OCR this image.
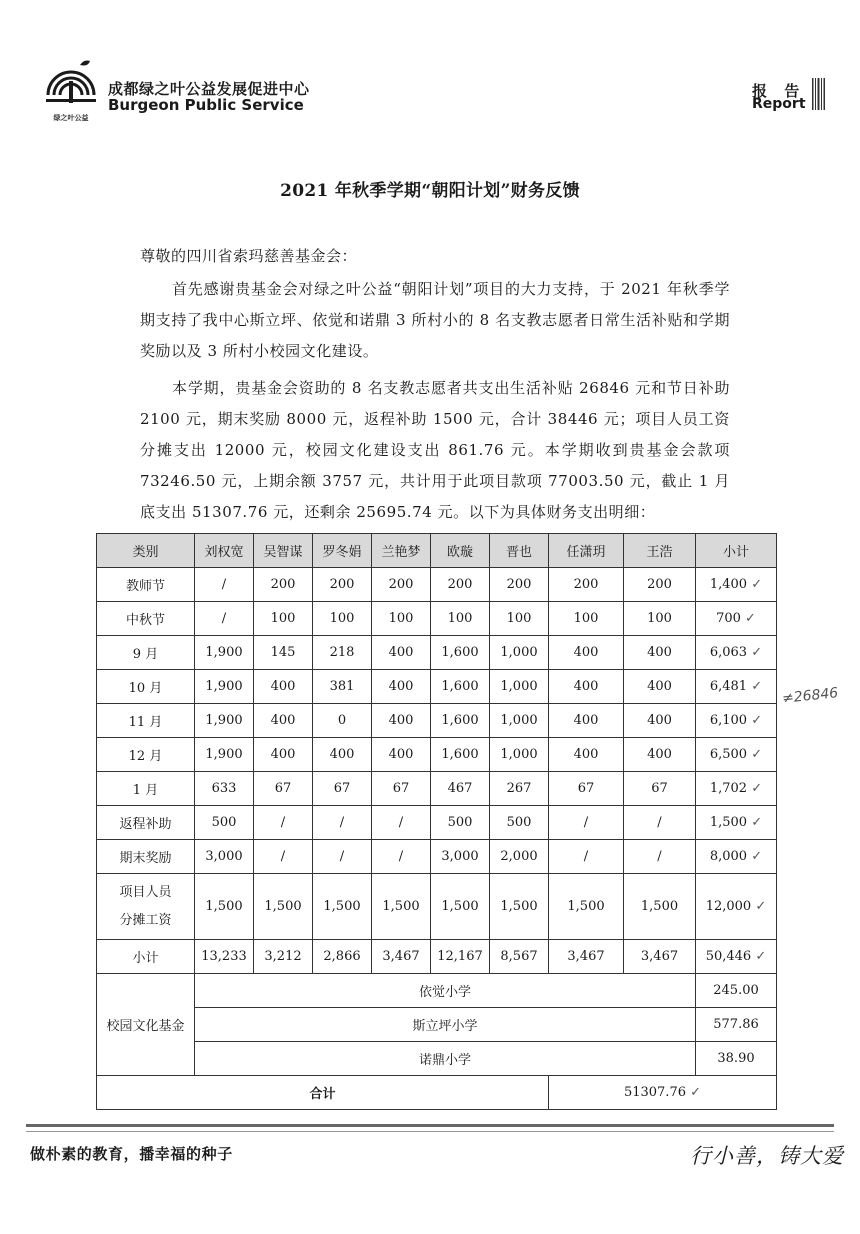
绿之叶公益
成都绿之叶公益发展促进中心
Burgeon Public Service
报 告
Report
2021 年秋季学期“朝阳计划”财务反馈
尊敬的四川省索玛慈善基金会：
首先感谢贵基金会对绿之叶公益“朝阳计划”项目的大力支持，于 2021 年秋季学期支持了我中心斯立坪、依觉和诺鼎 3 所村小的 8 名支教志愿者日常生活补贴和学期奖励以及 3 所村小校园文化建设。
本学期，贵基金会资助的 8 名支教志愿者共支出生活补贴 26846 元和节日补助 2100 元，期末奖励 8000 元，返程补助 1500 元，合计 38446 元；项目人员工资分摊支出 12000 元，校园文化建设支出 861.76 元。本学期收到贵基金会款项 73246.50 元，上期余额 3757 元，共计用于此项目款项 77003.50 元，截止 1 月底支出 51307.76 元，还剩余 25695.74 元。以下为具体财务支出明细：
类别	刘权宽	吴智谋	罗冬娟	兰艳梦	欧璇	晋也	任潇玥	王浩	小计
教师节	/	200	200	200	200	200	200	200	1,400 ✓
中秋节	/	100	100	100	100	100	100	100	700 ✓
9 月	1,900	145	218	400	1,600	1,000	400	400	6,063 ✓
10 月	1,900	400	381	400	1,600	1,000	400	400	6,481 ✓
11 月	1,900	400	0	400	1,600	1,000	400	400	6,100 ✓
12 月	1,900	400	400	400	1,600	1,000	400	400	6,500 ✓
1 月	633	67	67	67	467	267	67	67	1,702 ✓
返程补助	500	/	/	/	500	500	/	/	1,500 ✓
期末奖励	3,000	/	/	/	3,000	2,000	/	/	8,000 ✓

项目人员
分摊工资	1,500	1,500	1,500	1,500	1,500	1,500	1,500	1,500	12,000 ✓
小计	13,233	3,212	2,866	3,467	12,167	8,567	3,467	3,467	50,446 ✓
校园文化基金	依觉小学								245.00
	斯立坪小学								577.86
	诺鼎小学								38.90
合计							51307.76 ✓		
≠26846
做朴素的教育，播幸福的种子	行小善，铸大爱
